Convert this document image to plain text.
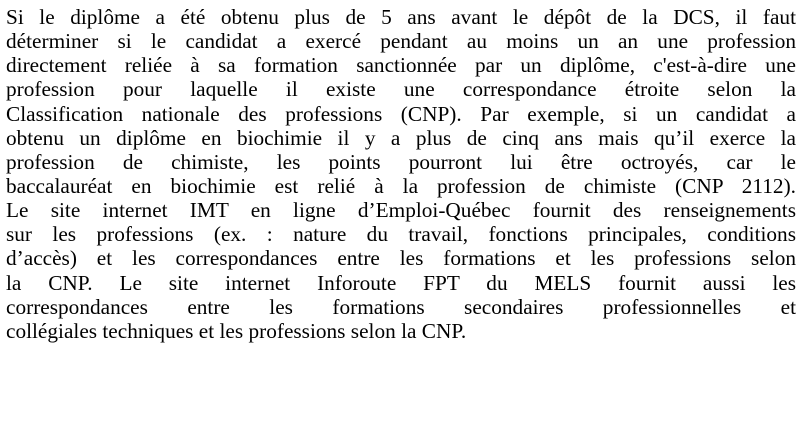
Si le diplôme a été obtenu plus de 5 ans avant le dépôt de la DCS, il faut
déterminer si le candidat a exercé pendant au moins un an une profession
directement reliée à sa formation sanctionnée par un diplôme, c'est-à-dire une
profession pour laquelle il existe une correspondance étroite selon la
Classification nationale des professions (CNP). Par exemple, si un candidat a
obtenu un diplôme en biochimie il y a plus de cinq ans mais qu’il exerce la
profession de chimiste, les points pourront lui être octroyés, car le
baccalauréat en biochimie est relié à la profession de chimiste (CNP 2112).
Le site internet IMT en ligne d’Emploi-Québec fournit des renseignements
sur les professions (ex. : nature du travail, fonctions principales, conditions
d’accès) et les correspondances entre les formations et les professions selon
la CNP. Le site internet Inforoute FPT du MELS fournit aussi les
correspondances entre les formations secondaires professionnelles et
collégiales techniques et les professions selon la CNP.
